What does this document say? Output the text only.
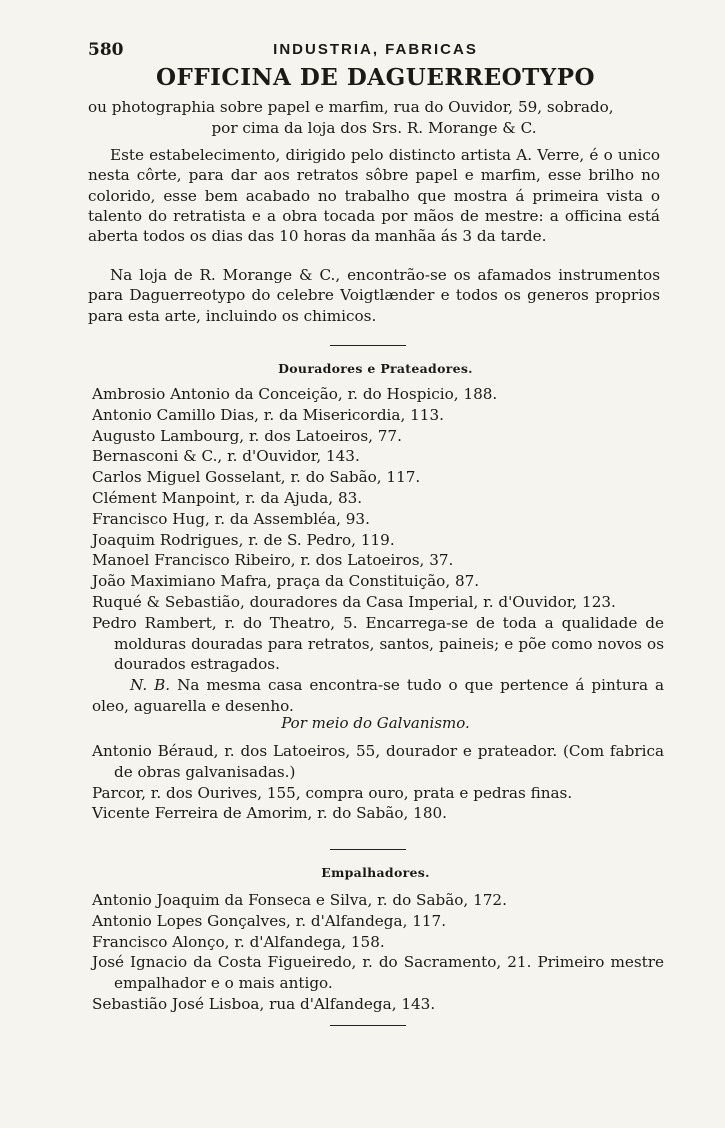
580	INDUSTRIA, FABRICAS
OFFICINA DE DAGUERREOTYPO
ou photographia sobre papel e marfim, rua do Ouvidor, 59, sobrado,
por cima da loja dos Srs. R. Morange & C.
Este estabelecimento, dirigido pelo distincto artista A. Verre, é o unico nesta côrte, para dar aos retratos sôbre papel e marfim, esse brilho no colorido, esse bem acabado no trabalho que mostra á primeira vista o talento do retratista e a obra tocada por mãos de mestre: a officina está aberta todos os dias das 10 horas da manhãa ás 3 da tarde.
Na loja de R. Morange & C., encontrão-se os afamados instrumentos para Daguerreotypo do celebre Voigtlænder e todos os generos proprios para esta arte, incluindo os chimicos.
Douradores e Prateadores.

Ambrosio Antonio da Conceição, r. do Hospicio, 188.

Antonio Camillo Dias, r. da Misericordia, 113.

Augusto Lambourg, r. dos Latoeiros, 77.

Bernasconi & C., r. d'Ouvidor, 143.

Carlos Miguel Gosselant, r. do Sabão, 117.

Clément Manpoint, r. da Ajuda, 83.

Francisco Hug, r. da Assembléa, 93.

Joaquim Rodrigues, r. de S. Pedro, 119.

Manoel Francisco Ribeiro, r. dos Latoeiros, 37.

João Maximiano Mafra, praça da Constituição, 87.

Ruqué & Sebastião, douradores da Casa Imperial, r. d'Ouvidor, 123.

Pedro Rambert, r. do Theatro, 5. Encarrega-se de toda a qualidade de molduras douradas para retratos, santos, paineis; e põe como novos os dourados estragados.

N. B. Na mesma casa encontra-se tudo o que pertence á pintura a oleo, aguarella e desenho.

Por meio do Galvanismo.

Antonio Béraud, r. dos Latoeiros, 55, dourador e prateador. (Com fabrica de obras galvanisadas.)

Parcor, r. dos Ourives, 155, compra ouro, prata e pedras finas.

Vicente Ferreira de Amorim, r. do Sabão, 180.

Empalhadores.

Antonio Joaquim da Fonseca e Silva, r. do Sabão, 172.

Antonio Lopes Gonçalves, r. d'Alfandega, 117.

Francisco Alonço, r. d'Alfandega, 158.

José Ignacio da Costa Figueiredo, r. do Sacramento, 21. Primeiro mestre empalhador e o mais antigo.

Sebastião José Lisboa, rua d'Alfandega, 143.
